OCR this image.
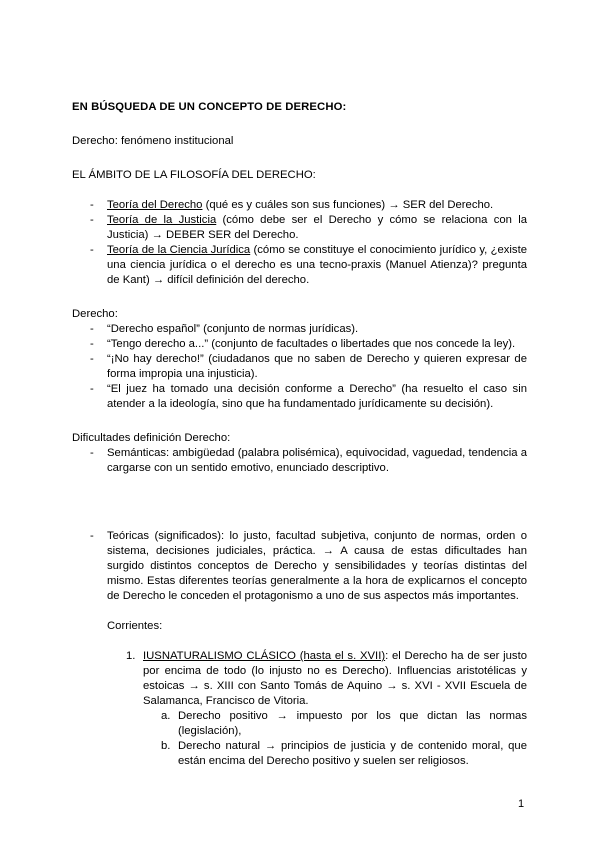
EN BÚSQUEDA DE UN CONCEPTO DE DERECHO:

Derecho: fenómeno institucional

EL ÁMBITO DE LA FILOSOFÍA DEL DERECHO:

- Teoría del Derecho (qué es y cuáles son sus funciones) → SER del Derecho.
- Teoría de la Justicia (cómo debe ser el Derecho y cómo se relaciona con la Justicia) → DEBER SER del Derecho.
- Teoría de la Ciencia Jurídica (cómo se constituye el conocimiento jurídico y, ¿existe una ciencia jurídica o el derecho es una tecno-praxis (Manuel Atienza)? pregunta de Kant) → difícil definición del derecho.

Derecho:

- “Derecho español” (conjunto de normas jurídicas).
- “Tengo derecho a...” (conjunto de facultades o libertades que nos concede la ley).
- “¡No hay derecho!” (ciudadanos que no saben de Derecho y quieren expresar de forma impropia una injusticia).
- “El juez ha tomado una decisión conforme a Derecho” (ha resuelto el caso sin atender a la ideología, sino que ha fundamentado jurídicamente su decisión).

Dificultades definición Derecho:

- Semánticas: ambigüedad (palabra polisémica), equivocidad, vaguedad, tendencia a cargarse con un sentido emotivo, enunciado descriptivo.
- Teóricas (significados): lo justo, facultad subjetiva, conjunto de normas, orden o sistema, decisiones judiciales, práctica. → A causa de estas dificultades han surgido distintos conceptos de Derecho y sensibilidades y teorías distintas del mismo. Estas diferentes teorías generalmente a la hora de explicarnos el concepto de Derecho le conceden el protagonismo a uno de sus aspectos más importantes.

Corrientes:

1. IUSNATURALISMO CLÁSICO (hasta el s. XVII): el Derecho ha de ser justo por encima de todo (lo injusto no es Derecho). Influencias aristotélicas y estoicas → s. XIII con Santo Tomás de Aquino → s. XVI - XVII Escuela de Salamanca, Francisco de Vitoria.
a. Derecho positivo → impuesto por los que dictan las normas (legislación),
b. Derecho natural → principios de justicia y de contenido moral, que están encima del Derecho positivo y suelen ser religiosos.
1
